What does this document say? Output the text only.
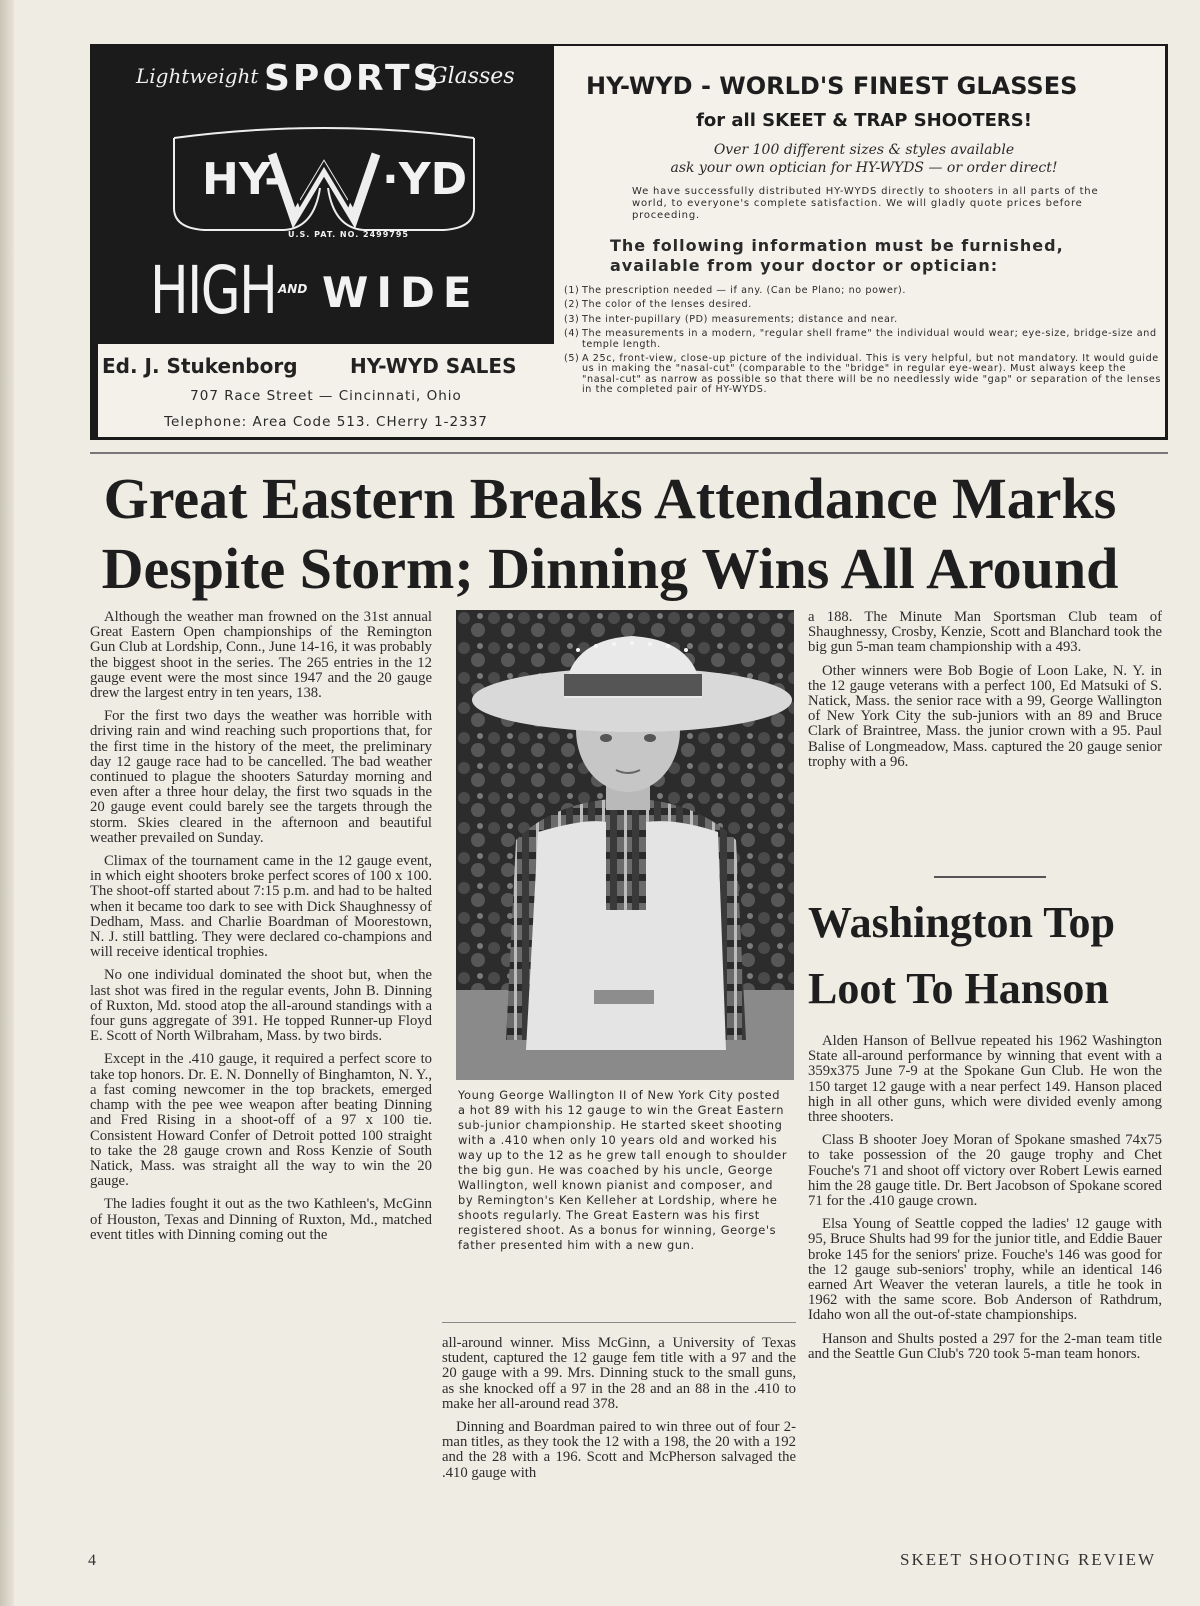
Lightweight SPORTS
Glasses
HY- ·YD
U.S. PAT. NO. 2499795
HIGH AND WIDE
Ed. J. Stukenborg	HY-WYD SALES
707 Race Street — Cincinnati, Ohio
Telephone: Area Code 513. CHerry 1-2337
HY-WYD - WORLD'S FINEST GLASSES
for all SKEET & TRAP SHOOTERS!
Over 100 different sizes & styles available
ask your own optician for HY-WYDS — or order direct!
We have successfully distributed HY-WYDS directly to shooters in all parts of the world, to everyone's complete satisfaction. We will gladly quote prices before proceeding.
The following information must be furnished, available from your doctor or optician:
(1) The prescription needed — if any. (Can be Plano; no power).
(2) The color of the lenses desired.
(3) The inter-pupillary (PD) measurements; distance and near.
(4) The measurements in a modern, "regular shell frame" the individual would wear; eye-size, bridge-size and temple length.
(5) A 25c, front-view, close-up picture of the individual. This is very helpful, but not mandatory. It would guide us in making the "nasal-cut" (comparable to the "bridge" in regular eye-wear). Must always keep the "nasal-cut" as narrow as possible so that there will be no needlessly wide "gap" or separation of the lenses in the completed pair of HY-WYDS.
Great Eastern Breaks Attendance Marks
Despite Storm; Dinning Wins All Around

Although the weather man frowned on the 31st annual Great Eastern Open championships of the Remington Gun Club at Lordship, Conn., June 14-16, it was probably the biggest shoot in the series. The 265 entries in the 12 gauge event were the most since 1947 and the 20 gauge drew the largest entry in ten years, 138.

For the first two days the weather was horrible with driving rain and wind reaching such proportions that, for the first time in the history of the meet, the preliminary day 12 gauge race had to be cancelled. The bad weather continued to plague the shooters Saturday morning and even after a three hour delay, the first two squads in the 20 gauge event could barely see the targets through the storm. Skies cleared in the afternoon and beautiful weather prevailed on Sunday.

Climax of the tournament came in the 12 gauge event, in which eight shooters broke perfect scores of 100 x 100. The shoot-off started about 7:15 p.m. and had to be halted when it became too dark to see with Dick Shaughnessy of Dedham, Mass. and Charlie Boardman of Moorestown, N. J. still battling. They were declared co-champions and will receive identical trophies.

No one individual dominated the shoot but, when the last shot was fired in the regular events, John B. Dinning of Ruxton, Md. stood atop the all-around standings with a four guns aggregate of 391. He topped Runner-up Floyd E. Scott of North Wilbraham, Mass. by two birds.

Except in the .410 gauge, it required a perfect score to take top honors. Dr. E. N. Donnelly of Binghamton, N. Y., a fast coming newcomer in the top brackets, emerged champ with the pee wee weapon after beating Dinning and Fred Rising in a shoot-off of a 97 x 100 tie. Consistent Howard Confer of Detroit potted 100 straight to take the 28 gauge crown and Ross Kenzie of South Natick, Mass. was straight all the way to win the 20 gauge.

The ladies fought it out as the two Kathleen's, McGinn of Houston, Texas and Dinning of Ruxton, Md., matched event titles with Dinning coming out the

Young George Wallington II of New York City posted a hot 89 with his 12 gauge to win the Great Eastern sub-junior championship. He started skeet shooting with a .410 when only 10 years old and worked his way up to the 12 as he grew tall enough to shoulder the big gun. He was coached by his uncle, George Wallington, well known pianist and composer, and by Remington's Ken Kelleher at Lordship, where he shoots regularly. The Great Eastern was his first registered shoot. As a bonus for winning, George's father presented him with a new gun.

all-around winner. Miss McGinn, a University of Texas student, captured the 12 gauge fem title with a 97 and the 20 gauge with a 99. Mrs. Dinning stuck to the small guns, as she knocked off a 97 in the 28 and an 88 in the .410 to make her all-around read 378.

Dinning and Boardman paired to win three out of four 2-man titles, as they took the 12 with a 198, the 20 with a 192 and the 28 with a 196. Scott and McPherson salvaged the .410 gauge with

a 188. The Minute Man Sportsman Club team of Shaughnessy, Crosby, Kenzie, Scott and Blanchard took the big gun 5-man team championship with a 493.

Other winners were Bob Bogie of Loon Lake, N. Y. in the 12 gauge veterans with a perfect 100, Ed Matsuki of S. Natick, Mass. the senior race with a 99, George Wallington of New York City the sub-juniors with an 89 and Bruce Clark of Braintree, Mass. the junior crown with a 95. Paul Balise of Longmeadow, Mass. captured the 20 gauge senior trophy with a 96.

Washington Top
Loot To Hanson

Alden Hanson of Bellvue repeated his 1962 Washington State all-around performance by winning that event with a 359x375 June 7-9 at the Spokane Gun Club. He won the 150 target 12 gauge with a near perfect 149. Hanson placed high in all other guns, which were divided evenly among three shooters.

Class B shooter Joey Moran of Spokane smashed 74x75 to take possession of the 20 gauge trophy and Chet Fouche's 71 and shoot off victory over Robert Lewis earned him the 28 gauge title. Dr. Bert Jacobson of Spokane scored 71 for the .410 gauge crown.

Elsa Young of Seattle copped the ladies' 12 gauge with 95, Bruce Shults had 99 for the junior title, and Eddie Bauer broke 145 for the seniors' prize. Fouche's 146 was good for the 12 gauge sub-seniors' trophy, while an identical 146 earned Art Weaver the veteran laurels, a title he took in 1962 with the same score. Bob Anderson of Rathdrum, Idaho won all the out-of-state championships.

Hanson and Shults posted a 297 for the 2-man team title and the Seattle Gun Club's 720 took 5-man team honors.

4	SKEET SHOOTING REVIEW
